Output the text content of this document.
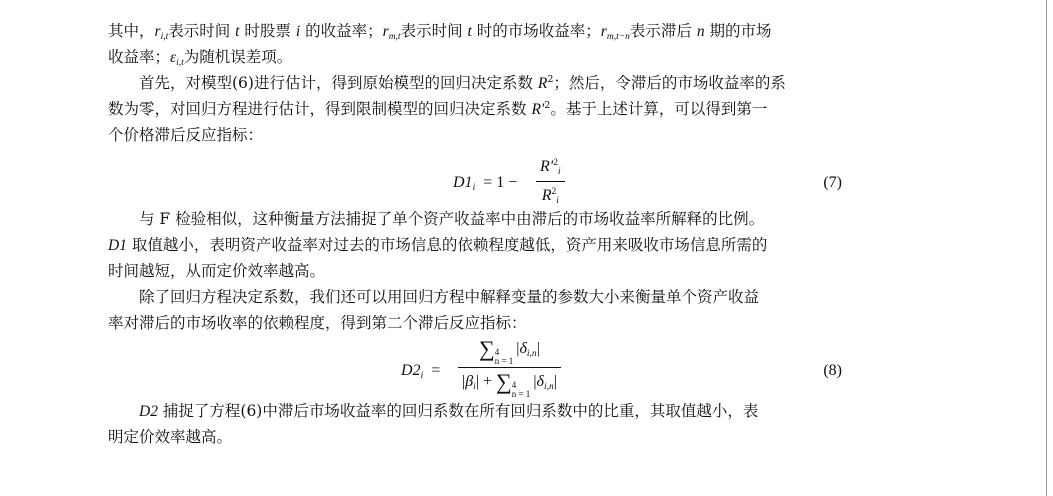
其中，$r_{i,t}$表示时间 t 时股票 i 的收益率；$r_{m,t}$表示时间 t 时的市场收益率；$r_{m,t-n}$表示滞后 n 期的市场
收益率；$\varepsilon_{i,t}$为随机误差项。
首先，对模型(6)进行估计，得到原始模型的回归决定系数 $R^2$；然后，令滞后的市场收益率的系
数为零，对回归方程进行估计，得到限制模型的回归决定系数 $R'^2$。基于上述计算，可以得到第一
个价格滞后反应指标：
$D1_i = 1$ −
$R'^2_i$
$R^2_i$
(7)
与 F 检验相似，这种衡量方法捕捉了单个资产收益率中由滞后的市场收益率所解释的比例。
D1 取值越小，表明资产收益率对过去的市场信息的依赖程度越低，资产用来吸收市场信息所需的
时间越短，从而定价效率越高。
除了回归方程决定系数，我们还可以用回归方程中解释变量的参数大小来衡量单个资产收益
率对滞后的市场收率的依赖程度，得到第二个滞后反应指标：
$D2_i$ =
∑ 4
n = 1
$|\delta_{i,n}|$
$|\beta_i|$ + ∑ 4
n = 1
$|\delta_{i,n}|$
(8)
D2 捕捉了方程(6)中滞后市场收益率的回归系数在所有回归系数中的比重，其取值越小，表
明定价效率越高。
